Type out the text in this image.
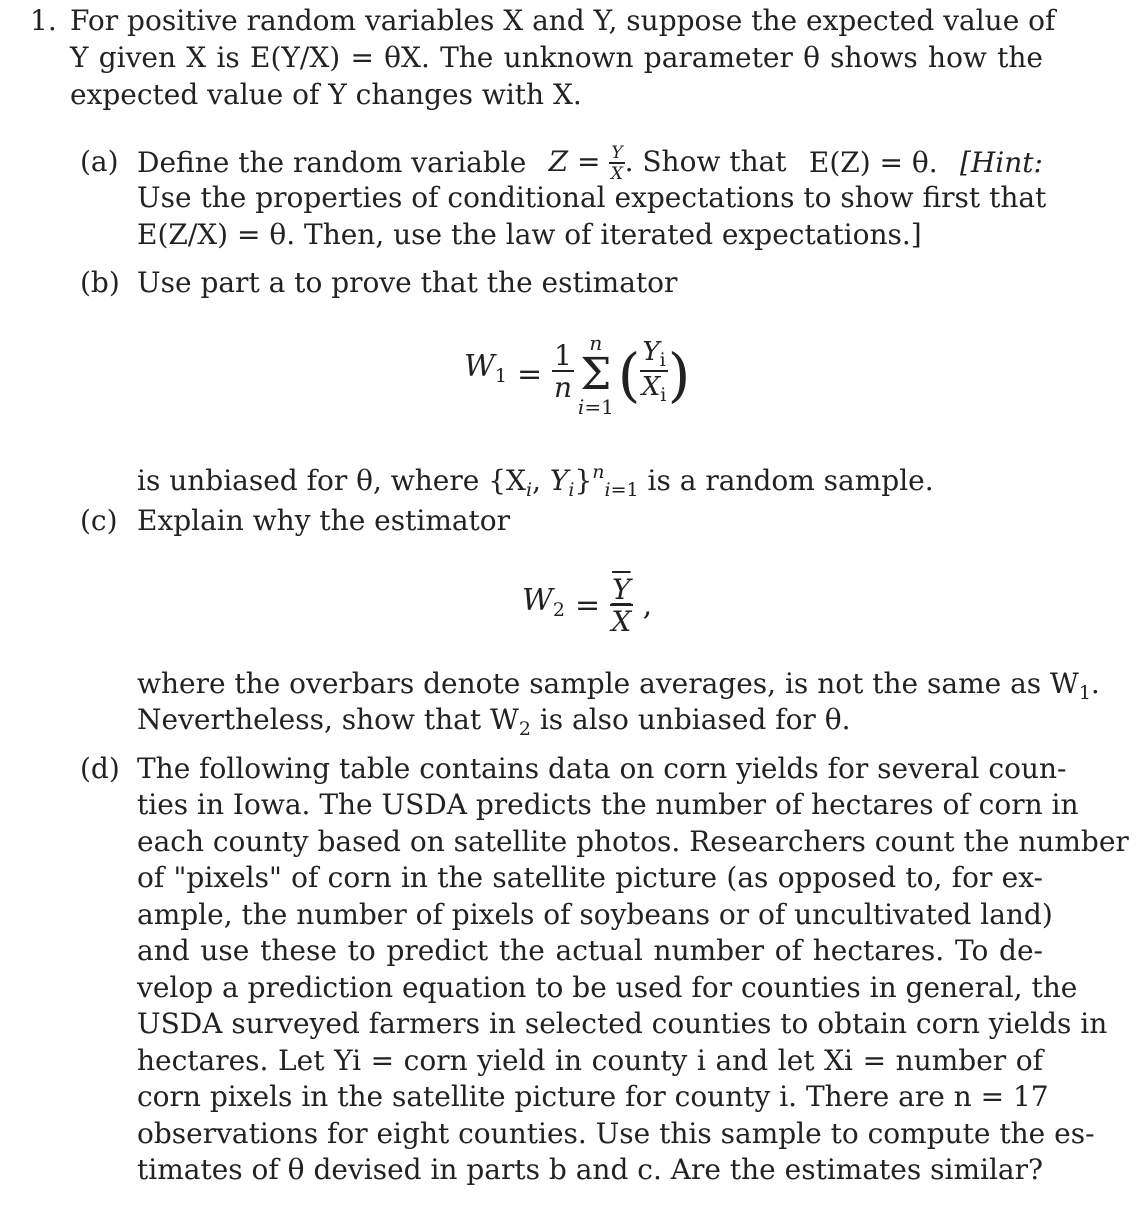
1. For positive random variables X and Y, suppose the expected value of
Y given X is E(Y/X) = θX. The unknown parameter θ shows how the
expected value of Y changes with X.
(a) Define the random variable $Z = \frac{Y}{X}$ . Show that E(Z) = θ. [Hint:
Use the properties of conditional expectations to show first that
E(Z/X) = θ. Then, use the law of iterated expectations.]
(b) Use part a to prove that the estimator
$W_1 = \frac{1}{n}$ n
Σ
i=1 ( $\frac{Y_i}{X_i}$ )
is unbiased for θ, where {$X_i$, $Y_i\}^n_{i=1}$ is a random sample.
(c) Explain why the estimator
$W_2 = \frac{\overline{Y}}{X}$ ,
where the overbars denote sample averages, is not the same as $W_1$.
Nevertheless, show that $W_2$ is also unbiased for θ.
(d) The following table contains data on corn yields for several coun-
ties in Iowa. The USDA predicts the number of hectares of corn in
each county based on satellite photos. Researchers count the number
of "pixels" of corn in the satellite picture (as opposed to, for ex-
ample, the number of pixels of soybeans or of uncultivated land)
and use these to predict the actual number of hectares. To de-
velop a prediction equation to be used for counties in general, the
USDA surveyed farmers in selected counties to obtain corn yields in
hectares. Let Yi = corn yield in county i and let Xi = number of
corn pixels in the satellite picture for county i. There are n = 17
observations for eight counties. Use this sample to compute the es-
timates of θ devised in parts b and c. Are the estimates similar?
